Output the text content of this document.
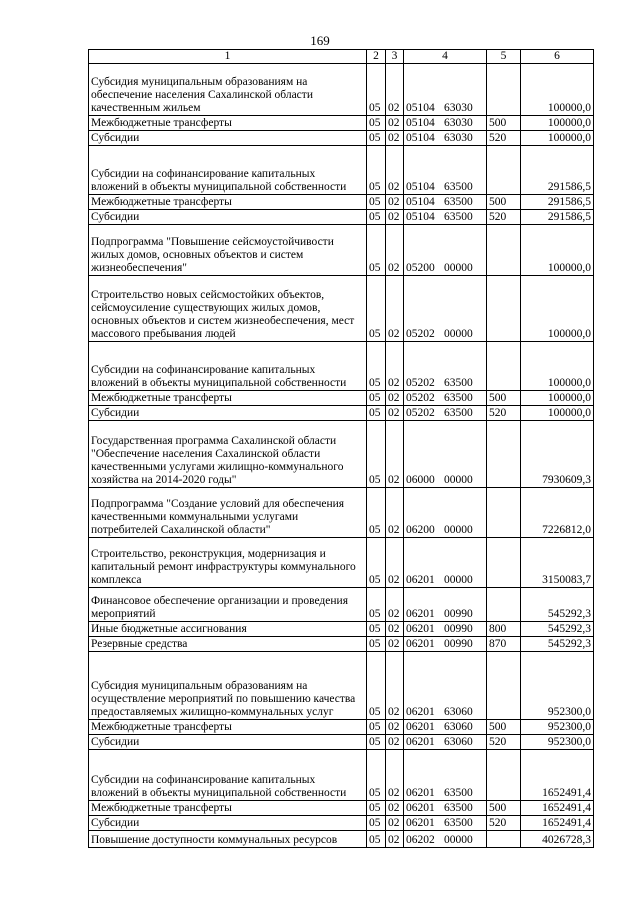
169
1	2	3	4	5	6
Субсидия муниципальным образованиям на обеспечение населения Сахалинской области качественным жильем	05	02	05104 63030		100000,0
Межбюджетные трансферты	05	02	05104 63030	500	100000,0
Субсидии	05	02	05104 63030	520	100000,0
Субсидии на софинансирование капитальных вложений в объекты муниципальной собственности	05	02	05104 63500		291586,5
Межбюджетные трансферты	05	02	05104 63500	500	291586,5
Субсидии	05	02	05104 63500	520	291586,5
Подпрограмма "Повышение сейсмоустойчивости жилых домов, основных объектов и систем жизнеобеспечения"	05	02	05200 00000		100000,0
Строительство новых сейсмостойких объектов, сейсмоусиление существующих жилых домов, основных объектов и систем жизнеобеспечения, мест массового пребывания людей	05	02	05202 00000		100000,0
Субсидии на софинансирование капитальных вложений в объекты муниципальной собственности	05	02	05202 63500		100000,0
Межбюджетные трансферты	05	02	05202 63500	500	100000,0
Субсидии	05	02	05202 63500	520	100000,0
Государственная программа Сахалинской области "Обеспечение населения Сахалинской области качественными услугами жилищно-коммунального хозяйства на 2014-2020 годы"	05	02	06000 00000		7930609,3
Подпрограмма "Создание условий для обеспечения качественными коммунальными услугами потребителей Сахалинской области"	05	02	06200 00000		7226812,0
Строительство, реконструкция, модернизация и капитальный ремонт инфраструктуры коммунального комплекса	05	02	06201 00000		3150083,7
Финансовое обеспечение организации и проведения мероприятий	05	02	06201 00990		545292,3
Иные бюджетные ассигнования	05	02	06201 00990	800	545292,3
Резервные средства	05	02	06201 00990	870	545292,3
Субсидия муниципальным образованиям на осуществление мероприятий по повышению качества предоставляемых жилищно-коммунальных услуг	05	02	06201 63060		952300,0
Межбюджетные трансферты	05	02	06201 63060	500	952300,0
Субсидии	05	02	06201 63060	520	952300,0
Субсидии на софинансирование капитальных вложений в объекты муниципальной собственности	05	02	06201 63500		1652491,4
Межбюджетные трансферты	05	02	06201 63500	500	1652491,4
Субсидии	05	02	06201 63500	520	1652491,4
Повышение доступности коммунальных ресурсов	05	02	06202 00000		4026728,3
